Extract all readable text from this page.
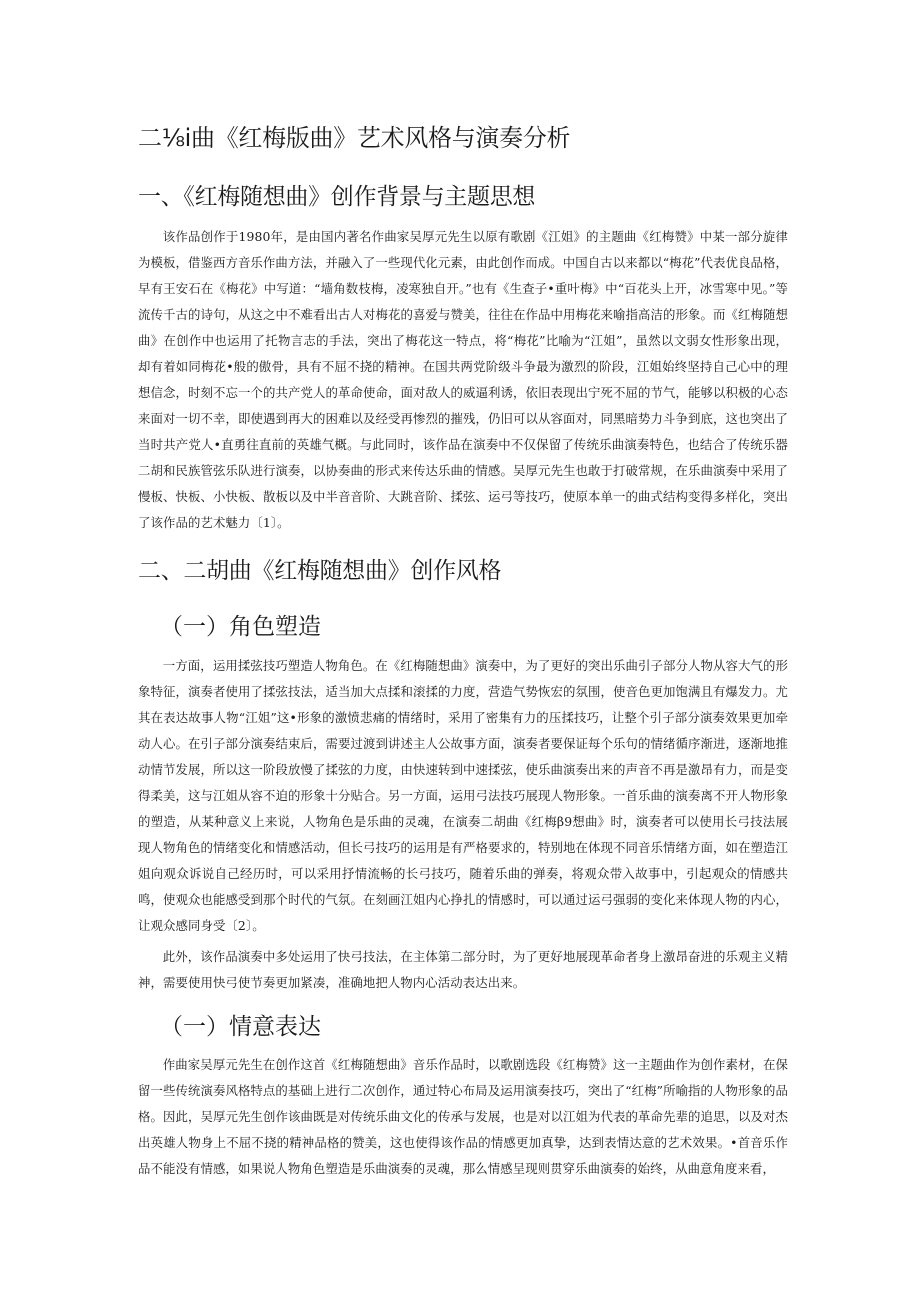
二⅛i曲《红梅版曲》艺术风格与演奏分析
一、《红梅随想曲》创作背景与主题思想

该作品创作于1980年，是由国内著名作曲家吴厚元先生以原有歌剧《江姐》的主题曲《红梅赞》中某一部分旋律为模板，借鉴西方音乐作曲方法，并融入了一些现代化元素，由此创作而成。中国自古以来都以“梅花”代表优良品格，早有王安石在《梅花》中写道：“墙角数枝梅，凌寒独自开。”也有《生查子•重叶梅》中“百花头上开，冰雪寒中见。”等流传千古的诗句，从这之中不难看出古人对梅花的喜爱与赞美，往往在作品中用梅花来喻指高洁的形象。而《红梅随想曲》在创作中也运用了托物言志的手法，突出了梅花这一特点，将“梅花”比喻为“江姐”，虽然以文弱女性形象出现，却有着如同梅花•般的傲骨，具有不屈不挠的精神。在国共两党阶级斗争最为激烈的阶段，江姐始终坚持自己心中的理想信念，时刻不忘一个的共产党人的革命使命，面对敌人的威逼利诱，依旧表现出宁死不屈的节气，能够以积极的心态来面对一切不幸，即使遇到再大的困难以及经受再惨烈的摧残，仍旧可以从容面对，同黑暗势力斗争到底，这也突出了当时共产党人•直勇往直前的英雄气概。与此同时，该作品在演奏中不仅保留了传统乐曲演奏特色，也结合了传统乐器二胡和民族管弦乐队进行演奏，以协奏曲的形式来传达乐曲的情感。吴厚元先生也敢于打破常规，在乐曲演奏中采用了慢板、快板、小快板、散板以及中半音音阶、大跳音阶、揉弦、运弓等技巧，使原本单一的曲式结构变得多样化，突出了该作品的艺术魅力〔1〕。

二、二胡曲《红梅随想曲》创作风格
（一）角色塑造

一方面，运用揉弦技巧塑造人物角色。在《红梅随想曲》演奏中，为了更好的突出乐曲引子部分人物从容大气的形象特征，演奏者使用了揉弦技法，适当加大点揉和滚揉的力度，营造气势恢宏的氛围，使音色更加饱满且有爆发力。尤其在表达故事人物“江姐”这•形象的激愤悲痛的情绪时，采用了密集有力的压揉技巧，让整个引子部分演奏效果更加牵动人心。在引子部分演奏结束后，需要过渡到讲述主人公故事方面，演奏者要保证每个乐句的情绪循序渐进，逐渐地推动情节发展，所以这一阶段放慢了揉弦的力度，由快速转到中速揉弦，使乐曲演奏出来的声音不再是激昂有力，而是变得柔美，这与江姐从容不迫的形象十分贴合。另一方面，运用弓法技巧展现人物形象。一首乐曲的演奏离不开人物形象的塑造，从某种意义上来说，人物角色是乐曲的灵魂，在演奏二胡曲《红梅β9想曲》时，演奏者可以使用长弓技法展现人物角色的情绪变化和情感活动，但长弓技巧的运用是有严格要求的，特别地在体现不同音乐情绪方面，如在塑造江姐向观众诉说自己经历时，可以采用抒情流畅的长弓技巧，随着乐曲的弹奏，将观众带入故事中，引起观众的情感共鸣，使观众也能感受到那个时代的气氛。在刻画江姐内心挣扎的情感时，可以通过运弓强弱的变化来体现人物的内心，让观众感同身受〔2〕。

此外，该作品演奏中多处运用了快弓技法，在主体第二部分时，为了更好地展现革命者身上激昂奋进的乐观主义精神，需要使用快弓使节奏更加紧凑，准确地把人物内心活动表达出来。

（一）情意表达

作曲家吴厚元先生在创作这首《红梅随想曲》音乐作品时，以歌剧选段《红梅赞》这一主题曲作为创作素材，在保留一些传统演奏风格特点的基础上进行二次创作，通过特心布局及运用演奏技巧，突出了“红梅”所喻指的人物形象的品格。因此，吴厚元先生创作该曲既是对传统乐曲文化的传承与发展，也是对以江姐为代表的革命先辈的追思，以及对杰出英雄人物身上不屈不挠的精神品格的赞美，这也使得该作品的情感更加真挚，达到表情达意的艺术效果。•首音乐作品不能没有情感，如果说人物角色塑造是乐曲演奏的灵魂，那么情感呈现则贯穿乐曲演奏的始终，从曲意角度来看，
